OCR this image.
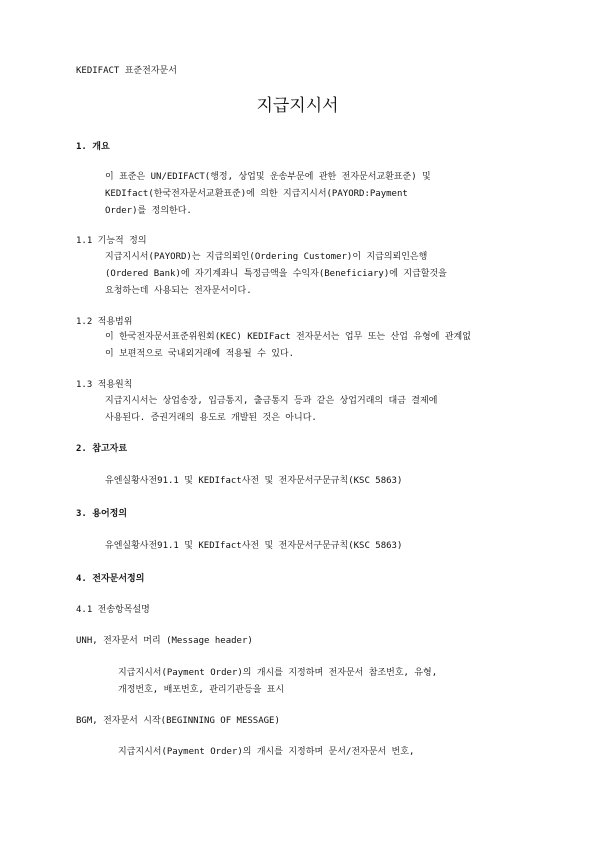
KEDIFACT 표준전자문서
지급지시서
1. 개요
이 표준은 UN/EDIFACT(행정, 상업및 운송부문에 관한 전자문서교환표준) 및
KEDIfact(한국전자문서교환표준)에 의한 지급지시서(PAYORD:Payment
Order)를 정의한다.
1.1 기능적 정의
지급지시서(PAYORD)는 지급의뢰인(Ordering Customer)이 지급의뢰인은행
(Ordered Bank)에 자기계좌니 특정금액을 수익자(Beneficiary)에 지급할것을
요청하는데 사용되는 전자문서이다.
1.2 적용범위
이 한국전자문서표준위원회(KEC) KEDIFact 전자문서는 업무 또는 산업 유형에 관계없
이 보편적으로 국내외거래에 적용될 수 있다.
1.3 적용원칙
지급지시서는 상업송장, 입금통지, 출금통지 등과 같은 상업거래의 대금 결제에
사용된다. 증권거래의 용도로 개발된 것은 아니다.
2. 참고자료
유엔실황사전91.1 및 KEDIfact사전 및 전자문서구문규칙(KSC 5863)
3. 용어정의
유엔실황사전91.1 및 KEDIfact사전 및 전자문서구문규칙(KSC 5863)
4. 전자문서정의
4.1 전송항목설명
UNH, 전자문서 머리 (Message header)
지급지시서(Payment Order)의 개시를 지정하며 전자문서 참조번호, 유형,
개정번호, 배포번호, 관리기관등을 표시
BGM, 전자문서 시작(BEGINNING OF MESSAGE)
지급지시서(Payment Order)의 개시를 지정하며 문서/전자문서 번호,
